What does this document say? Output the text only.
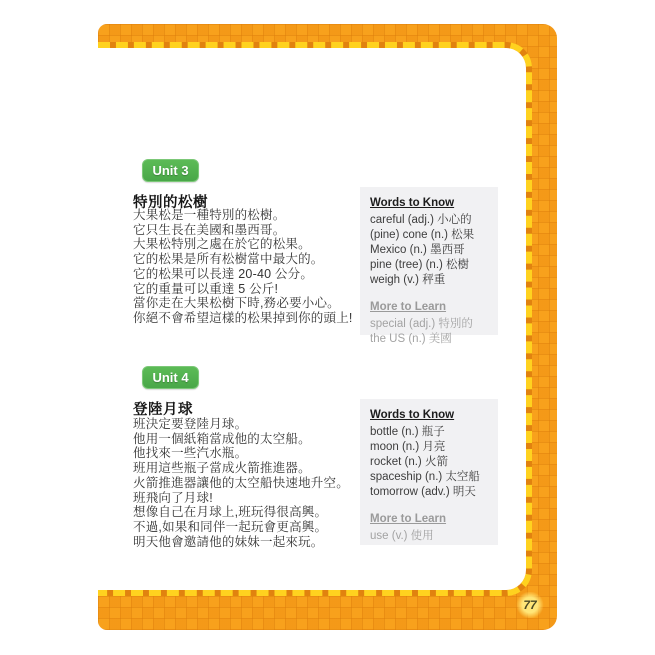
Unit 3
特別的松樹
大果松是一種特別的松樹。
它只生長在美國和墨西哥。
大果松特別之處在於它的松果。
它的松果是所有松樹當中最大的。
它的松果可以長達 20-40 公分。
它的重量可以重達 5 公斤!
當你走在大果松樹下時,務必要小心。
你絕不會希望這樣的松果掉到你的頭上!
Words to Know
careful (adj.) 小心的
(pine) cone (n.) 松果
Mexico (n.) 墨西哥
pine (tree) (n.) 松樹
weigh (v.) 秤重
More to Learn
special (adj.) 特別的
the US (n.) 美國
Unit 4
登陸月球
班決定要登陸月球。
他用一個紙箱當成他的太空船。
他找來一些汽水瓶。
班用這些瓶子當成火箭推進器。
火箭推進器讓他的太空船快速地升空。
班飛向了月球!
想像自己在月球上,班玩得很高興。
不過,如果和同伴一起玩會更高興。
明天他會邀請他的妹妹一起來玩。
Words to Know
bottle (n.) 瓶子
moon (n.) 月亮
rocket (n.) 火箭
spaceship (n.) 太空船
tomorrow (adv.) 明天
More to Learn
use (v.) 使用
77
